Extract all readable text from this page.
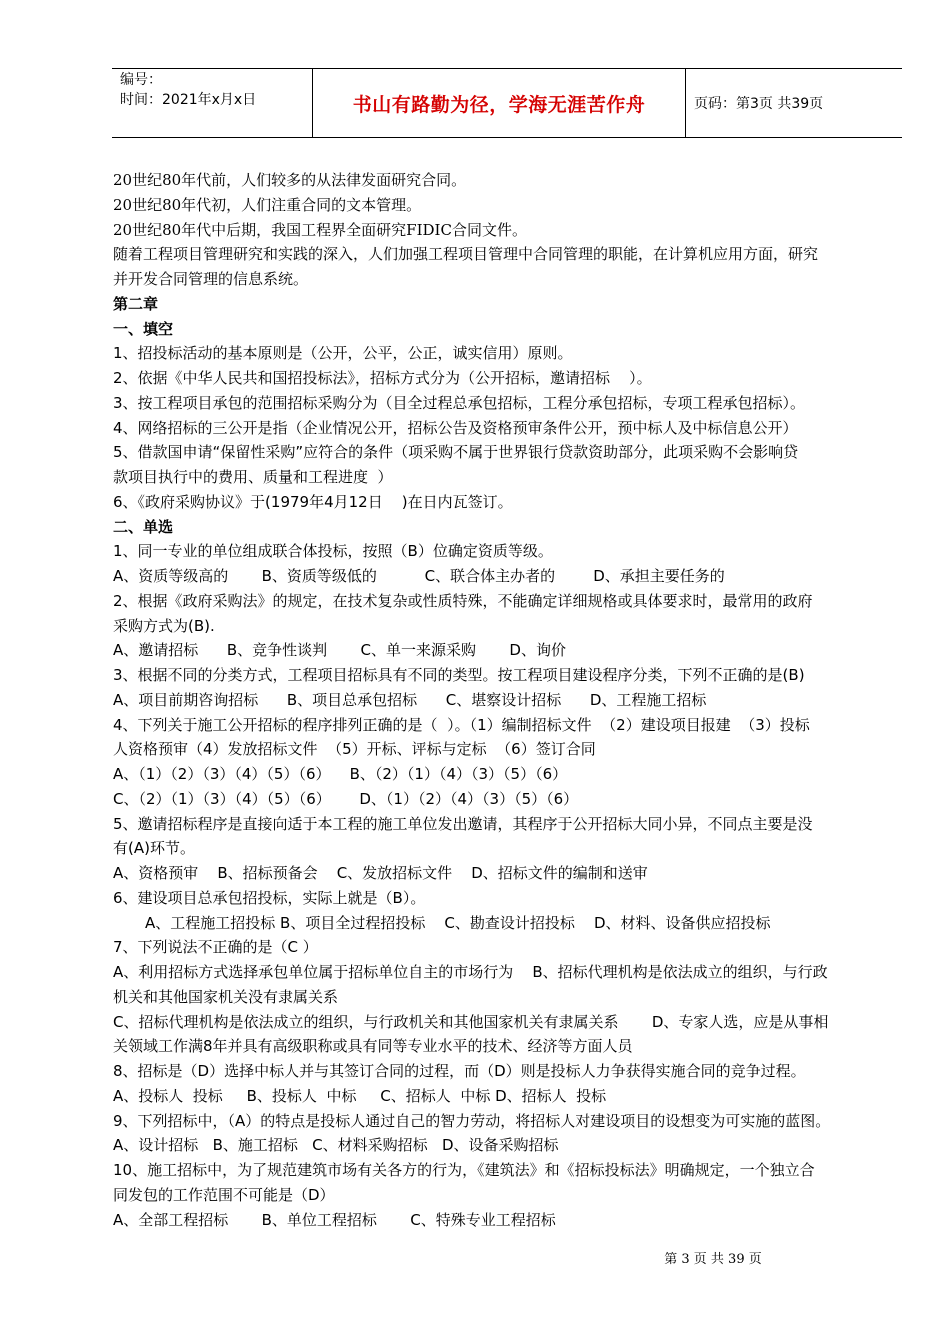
编号：
时间：2021年x月x日	书山有路勤为径，学海无涯苦作舟	页码：第3页 共39页

20世纪80年代前，人们较多的从法律发面研究合同。

20世纪80年代初，人们注重合同的文本管理。

20世纪80年代中后期，我国工程界全面研究FIDIC合同文件。

随着工程项目管理研究和实践的深入，人们加强工程项目管理中合同管理的职能，在计算机应用方面，研究

并开发合同管理的信息系统。

第二章

一、填空

1、招投标活动的基本原则是（公开，公平，公正，诚实信用）原则。

2、依据《中华人民共和国招投标法》，招标方式分为（公开招标，邀请招标    ）。

3、按工程项目承包的范围招标采购分为（目全过程总承包招标，工程分承包招标，专项工程承包招标）。

4、网络招标的三公开是指（企业情况公开，招标公告及资格预审条件公开，预中标人及中标信息公开）

5、借款国申请“保留性采购”应符合的条件（项采购不属于世界银行贷款资助部分，此项采购不会影响贷

款项目执行中的费用、质量和工程进度  ）

6、《政府采购协议》于(1979年4月12日    )在日内瓦签订。

二、单选

1、同一专业的单位组成联合体投标，按照（B）位确定资质等级。

A、资质等级高的       B、资质等级低的          C、联合体主办者的        D、承担主要任务的

2、根据《政府采购法》的规定，在技术复杂或性质特殊，不能确定详细规格或具体要求时，最常用的政府

采购方式为(B).

A、邀请招标      B、竞争性谈判       C、单一来源采购       D、询价

3、根据不同的分类方式，工程项目招标具有不同的类型。按工程项目建设程序分类，下列不正确的是(B)

A、项目前期咨询招标      B、项目总承包招标      C、堪察设计招标      D、工程施工招标

4、下列关于施工公开招标的程序排列正确的是（  ）。（1）编制招标文件  （2）建设项目报建  （3）投标

人资格预审（4）发放招标文件  （5）开标、评标与定标  （6）签订合同

A、（1）（2）（3）（4）（5）（6）    B、（2）（1）（4）（3）（5）（6）

C、（2）（1）（3）（4）（5）（6）      D、（1）（2）（4）（3）（5）（6）

5、邀请招标程序是直接向适于本工程的施工单位发出邀请，其程序于公开招标大同小异，不同点主要是没

有(A)环节。

A、资格预审    B、招标预备会    C、发放招标文件    D、招标文件的编制和送审

6、建设项目总承包招投标，实际上就是（B）。

A、工程施工招投标 B、项目全过程招投标    C、勘查设计招投标    D、材料、设备供应招投标

7、下列说法不正确的是（C ）

A、利用招标方式选择承包单位属于招标单位自主的市场行为    B、招标代理机构是依法成立的组织，与行政

机关和其他国家机关没有隶属关系

C、招标代理机构是依法成立的组织，与行政机关和其他国家机关有隶属关系       D、专家人选，应是从事相

关领域工作满8年并具有高级职称或具有同等专业水平的技术、经济等方面人员

8、招标是（D）选择中标人并与其签订合同的过程，而（D）则是投标人力争获得实施合同的竞争过程。

A、投标人  投标     B、投标人  中标     C、招标人  中标 D、招标人  投标

9、下列招标中，（A）的特点是投标人通过自己的智力劳动，将招标人对建设项目的设想变为可实施的蓝图。

A、设计招标   B、施工招标   C、材料采购招标   D、设备采购招标

10、施工招标中，为了规范建筑市场有关各方的行为，《建筑法》和《招标投标法》明确规定，一个独立合

同发包的工作范围不可能是（D）

A、全部工程招标       B、单位工程招标       C、特殊专业工程招标

第 3 页 共 39 页
